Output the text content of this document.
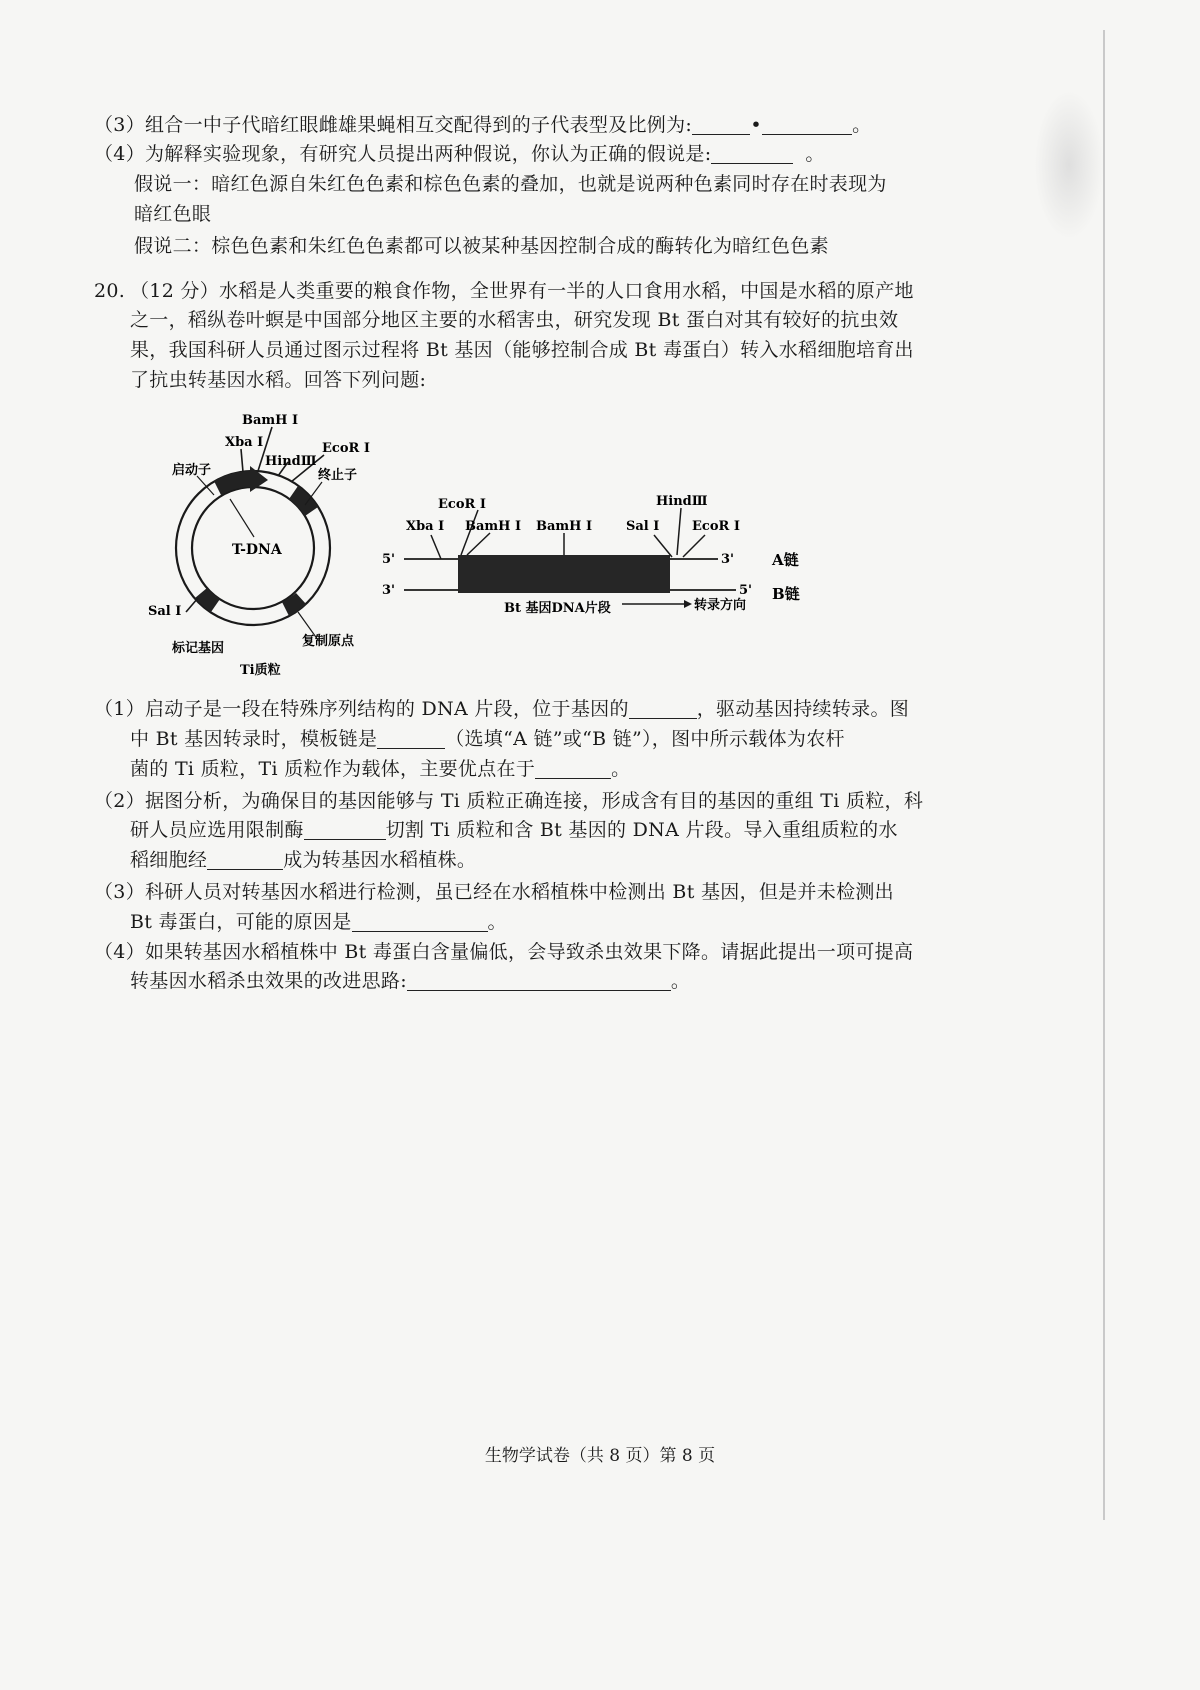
（3）组合一中子代暗红眼雌雄果蝇相互交配得到的子代表型及比例为:	•	。
（4）为解释实验现象，有研究人员提出两种假说，你认为正确的假说是:	。
假说一：暗红色源自朱红色色素和棕色色素的叠加，也就是说两种色素同时存在时表现为
暗红色眼
假说二：棕色色素和朱红色色素都可以被某种基因控制合成的酶转化为暗红色色素
20. （12 分）水稻是人类重要的粮食作物，全世界有一半的人口食用水稻，中国是水稻的原产地
之一，稻纵卷叶螟是中国部分地区主要的水稻害虫，研究发现 Bt 蛋白对其有较好的抗虫效
果，我国科研人员通过图示过程将 Bt 基因（能够控制合成 Bt 毒蛋白）转入水稻细胞培育出
了抗虫转基因水稻。回答下列问题:
BamH I
Xba I
HindⅢ
EcoR I
启动子	终止子
T-DNA
Sal I
标记基因	复制原点
Ti质粒
EcoR I
Xba I BamH I BamH I	Sal I
HindⅢ
EcoR I
5'	3'
3'	5'
A链
B链
Bt 基因DNA片段	转录方向
（1）启动子是一段在特殊序列结构的 DNA 片段，位于基因的	，驱动基因持续转录。图
中 Bt 基因转录时，模板链是	（选填“A 链”或“B 链”），图中所示载体为农杆
菌的 Ti 质粒，Ti 质粒作为载体，主要优点在于	。
（2）据图分析，为确保目的基因能够与 Ti 质粒正确连接，形成含有目的基因的重组 Ti 质粒，科
研人员应选用限制酶	切割 Ti 质粒和含 Bt 基因的 DNA 片段。导入重组质粒的水
稻细胞经	成为转基因水稻植株。
（3）科研人员对转基因水稻进行检测，虽已经在水稻植株中检测出 Bt 基因，但是并未检测出
Bt 毒蛋白，可能的原因是	。
（4）如果转基因水稻植株中 Bt 毒蛋白含量偏低，会导致杀虫效果下降。请据此提出一项可提高
转基因水稻杀虫效果的改进思路:	。
生物学试卷（共 8 页）第 8 页
